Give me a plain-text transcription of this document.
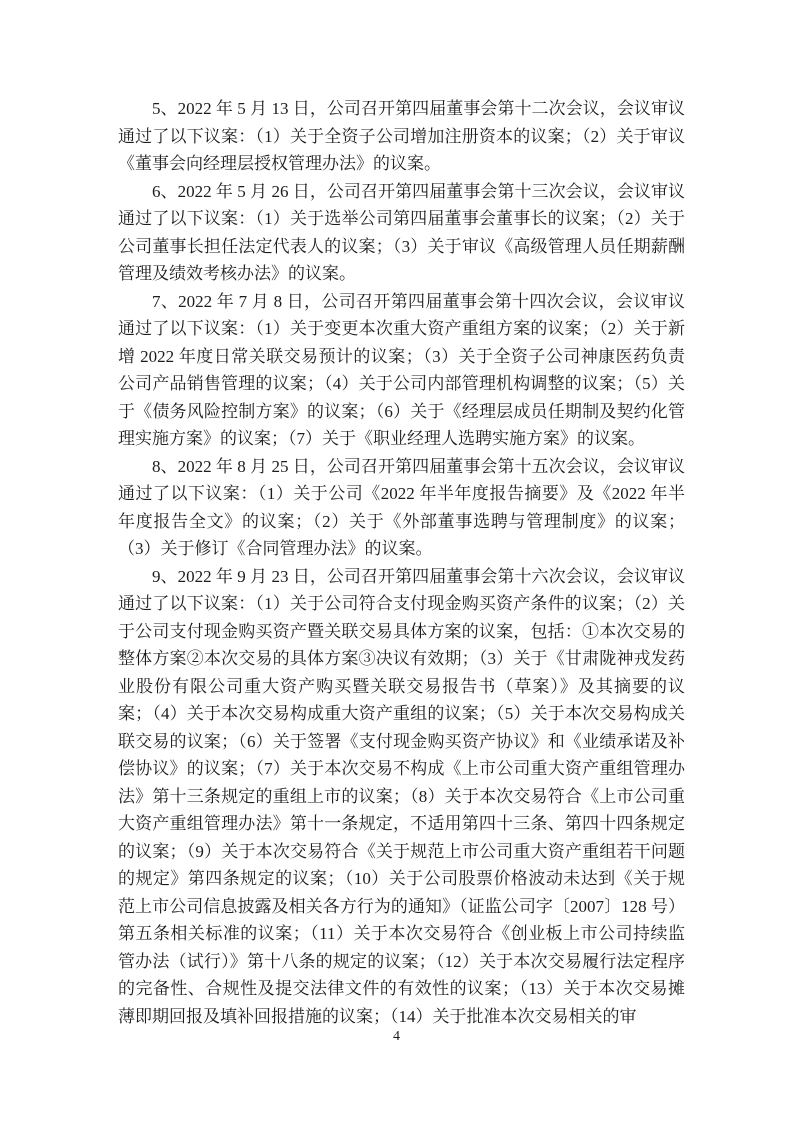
5、2022 年 5 月 13 日，公司召开第四届董事会第十二次会议，会议审议通过了以下议案：（1）关于全资子公司增加注册资本的议案；（2）关于审议《董事会向经理层授权管理办法》的议案。

6、2022 年 5 月 26 日，公司召开第四届董事会第十三次会议，会议审议通过了以下议案：（1）关于选举公司第四届董事会董事长的议案；（2）关于公司董事长担任法定代表人的议案；（3）关于审议《高级管理人员任期薪酬管理及绩效考核办法》的议案。

7、2022 年 7 月 8 日，公司召开第四届董事会第十四次会议，会议审议通过了以下议案：（1）关于变更本次重大资产重组方案的议案；（2）关于新增 2022 年度日常关联交易预计的议案；（3）关于全资子公司神康医药负责公司产品销售管理的议案；（4）关于公司内部管理机构调整的议案；（5）关于《债务风险控制方案》的议案；（6）关于《经理层成员任期制及契约化管理实施方案》的议案；（7）关于《职业经理人选聘实施方案》的议案。

8、2022 年 8 月 25 日，公司召开第四届董事会第十五次会议，会议审议通过了以下议案：（1）关于公司《2022 年半年度报告摘要》及《2022 年半年度报告全文》的议案；（2）关于《外部董事选聘与管理制度》的议案；（3）关于修订《合同管理办法》的议案。

9、2022 年 9 月 23 日，公司召开第四届董事会第十六次会议，会议审议通过了以下议案：（1）关于公司符合支付现金购买资产条件的议案；（2）关于公司支付现金购买资产暨关联交易具体方案的议案，包括：①本次交易的整体方案②本次交易的具体方案③决议有效期；（3）关于《甘肃陇神戎发药业股份有限公司重大资产购买暨关联交易报告书（草案）》及其摘要的议案；（4）关于本次交易构成重大资产重组的议案；（5）关于本次交易构成关联交易的议案；（6）关于签署《支付现金购买资产协议》和《业绩承诺及补偿协议》的议案；（7）关于本次交易不构成《上市公司重大资产重组管理办法》第十三条规定的重组上市的议案；（8）关于本次交易符合《上市公司重大资产重组管理办法》第十一条规定，不适用第四十三条、第四十四条规定的议案；（9）关于本次交易符合《关于规范上市公司重大资产重组若干问题的规定》第四条规定的议案；（10）关于公司股票价格波动未达到《关于规范上市公司信息披露及相关各方行为的通知》（证监公司字〔2007〕128 号）第五条相关标准的议案；（11）关于本次交易符合《创业板上市公司持续监管办法（试行）》第十八条的规定的议案；（12）关于本次交易履行法定程序的完备性、合规性及提交法律文件的有效性的议案；（13）关于本次交易摊薄即期回报及填补回报措施的议案；（14）关于批准本次交易相关的审

4
